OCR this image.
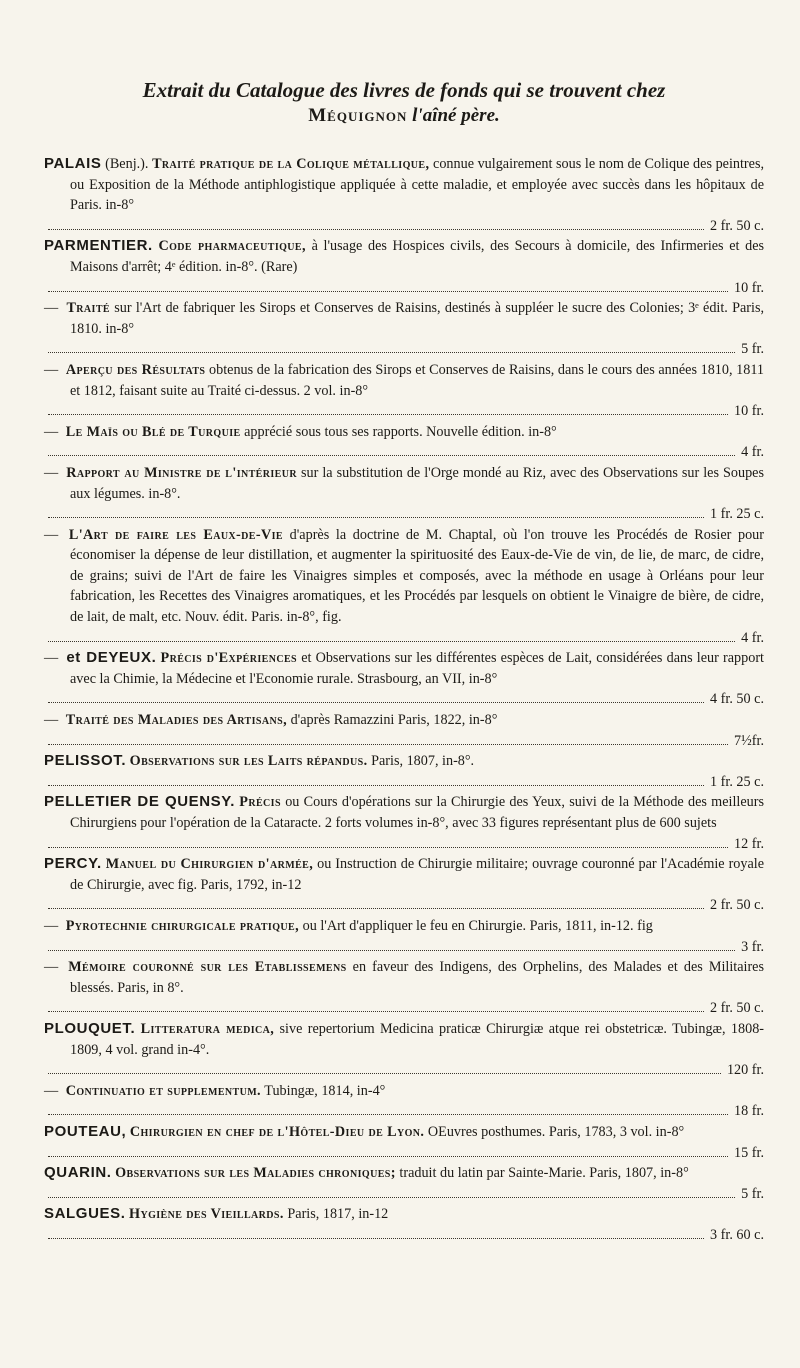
Extrait du Catalogue des livres de fonds qui se trouvent chez
Méquignon l'aîné père.

PALAIS (Benj.). Traité pratique de la Colique métallique, connue vulgairement sous le nom de Colique des peintres, ou Exposition de la Méthode antiphlogistique appliquée à cette maladie, et employée avec succès dans les hôpitaux de Paris. in-8°
2 fr. 50 c.

PARMENTIER. Code pharmaceutique, à l'usage des Hospices civils, des Secours à domicile, des Infirmeries et des Maisons d'arrêt; 4ᵉ édition. in-8°. (Rare)
10 fr.

— Traité sur l'Art de fabriquer les Sirops et Conserves de Raisins, destinés à suppléer le sucre des Colonies; 3ᵉ édit. Paris, 1810. in-8°
5 fr.

— Aperçu des Résultats obtenus de la fabrication des Sirops et Conserves de Raisins, dans le cours des années 1810, 1811 et 1812, faisant suite au Traité ci-dessus. 2 vol. in-8°
10 fr.

— Le Maïs ou Blé de Turquie apprécié sous tous ses rapports. Nouvelle édition. in-8°
4 fr.

— Rapport au Ministre de l'intérieur sur la substitution de l'Orge mondé au Riz, avec des Observations sur les Soupes aux légumes. in-8°.
1 fr. 25 c.

— L'Art de faire les Eaux-de-Vie d'après la doctrine de M. Chaptal, où l'on trouve les Procédés de Rosier pour économiser la dépense de leur distillation, et augmenter la spirituosité des Eaux-de-Vie de vin, de lie, de marc, de cidre, de grains; suivi de l'Art de faire les Vinaigres simples et composés, avec la méthode en usage à Orléans pour leur fabrication, les Recettes des Vinaigres aromatiques, et les Procédés par lesquels on obtient le Vinaigre de bière, de cidre, de lait, de malt, etc. Nouv. édit. Paris. in-8°, fig.
4 fr.

— et DEYEUX. Précis d'Expériences et Observations sur les différentes espèces de Lait, considérées dans leur rapport avec la Chimie, la Médecine et l'Economie rurale. Strasbourg, an VII, in-8°
4 fr. 50 c.

— Traité des Maladies des Artisans, d'après Ramazzini Paris, 1822, in-8°
7½fr.

PELISSOT. Observations sur les Laits répandus. Paris, 1807, in-8°.
1 fr. 25 c.

PELLETIER DE QUENSY. Précis ou Cours d'opérations sur la Chirurgie des Yeux, suivi de la Méthode des meilleurs Chirurgiens pour l'opération de la Cataracte. 2 forts volumes in-8°, avec 33 figures représentant plus de 600 sujets
12 fr.

PERCY. Manuel du Chirurgien d'armée, ou Instruction de Chirurgie militaire; ouvrage couronné par l'Académie royale de Chirurgie, avec fig. Paris, 1792, in-12
2 fr. 50 c.

— Pyrotechnie chirurgicale pratique, ou l'Art d'appliquer le feu en Chirurgie. Paris, 1811, in-12. fig
3 fr.

— Mémoire couronné sur les Etablissemens en faveur des Indigens, des Orphelins, des Malades et des Militaires blessés. Paris, in 8°.
2 fr. 50 c.

PLOUQUET. Litteratura medica, sive repertorium Medicina praticæ Chirurgiæ atque rei obstetricæ. Tubingæ, 1808-1809, 4 vol. grand in-4°.
120 fr.

— Continuatio et supplementum. Tubingæ, 1814, in-4°
18 fr.

POUTEAU, Chirurgien en chef de l'Hôtel-Dieu de Lyon. OEuvres posthumes. Paris, 1783, 3 vol. in-8°
15 fr.

QUARIN. Observations sur les Maladies chroniques; traduit du latin par Sainte-Marie. Paris, 1807, in-8°
5 fr.

SALGUES. Hygiène des Vieillards. Paris, 1817, in-12
3 fr. 60 c.
